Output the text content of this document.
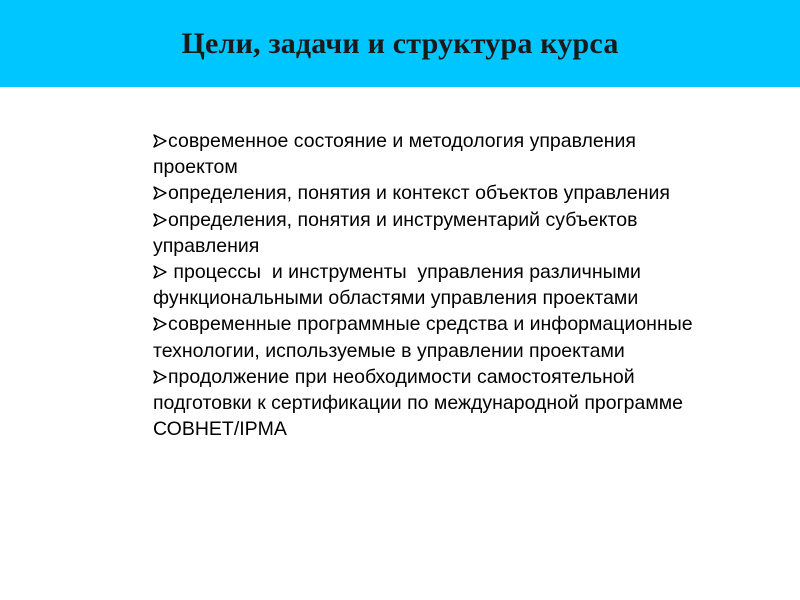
Цели, задачи и структура курса
современное состояние и методология управления проектом
определения, понятия и контекст объектов управления
определения, понятия и инструментарий субъектов управления
процессы  и инструменты  управления различными функциональными областями управления проектами
современные программные средства и информационные технологии, используемые в управлении проектами
продолжение при необходимости самостоятельной подготовки к сертификации по международной программе СОВНЕТ/IPMA
